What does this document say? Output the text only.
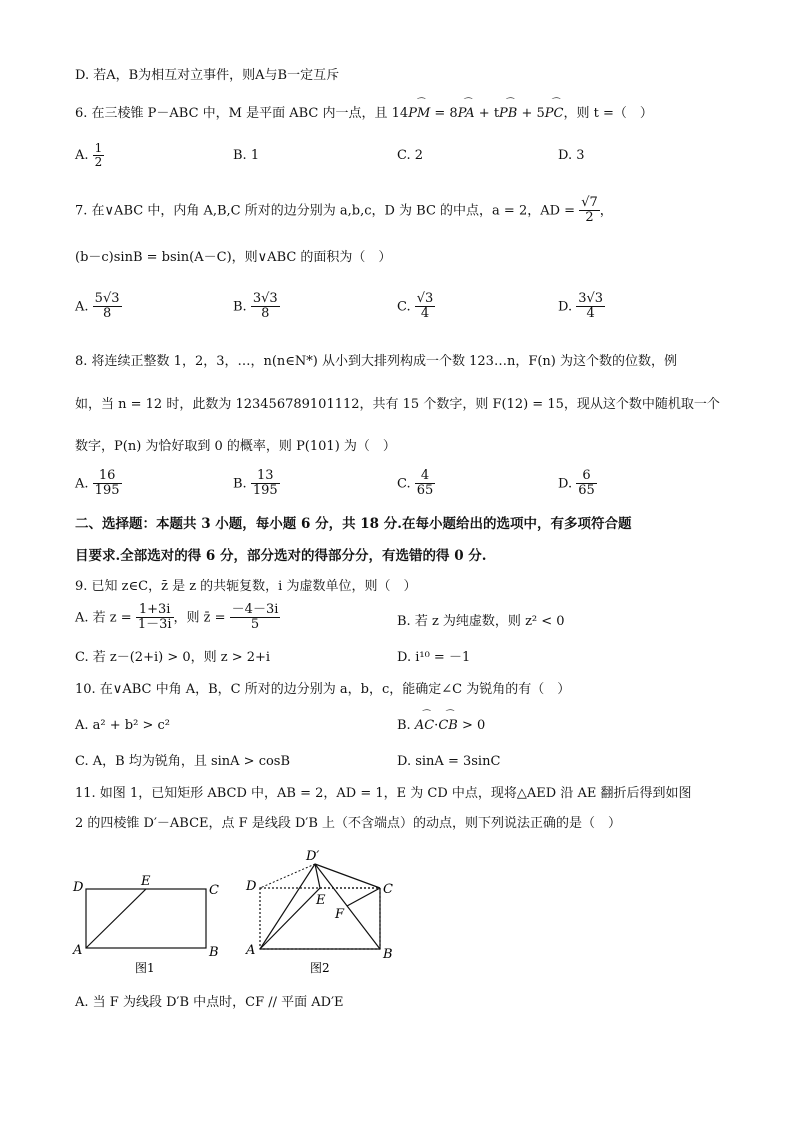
D. 若A，B为相互对立事件，则A与B一定互斥
6. 在三棱锥 P－ABC 中，M 是平面 ABC 内一点，且 14⌒ PM = 8⌒ PA + t⌒ PB + 5⌒ PC，则 t =（　）
A. $\frac{1}{2}$	B. 1	C. 2	D. 3
7. 在∨ABC 中，内角 A,B,C 所对的边分别为 a,b,c，D 为 BC 的中点，a = 2，AD = $\frac{√7}{2}$ ，
(b－c)sinB = bsin(A－C)，则∨ABC 的面积为（　）
A. $\frac{5√3}{8}$	B. $\frac{3√3}{8}$	C. $\frac{√3}{4}$	D. $\frac{3√3}{4}$
8. 将连续正整数 1，2，3，…，n(n∈N*) 从小到大排列构成一个数 123…n，F(n) 为这个数的位数，例
如，当 n = 12 时，此数为 123456789101112，共有 15 个数字，则 F(12) = 15，现从这个数中随机取一个
数字，P(n) 为恰好取到 0 的概率，则 P(101) 为（　）
A. $\frac{16}{195}$	B. $\frac{13}{195}$	C. $\frac{4}{65}$	D. $\frac{6}{65}$
二、选择题：本题共 3 小题，每小题 6 分，共 18 分.在每小题给出的选项中，有多项符合题
目要求.全部选对的得 6 分，部分选对的得部分分，有选错的得 0 分.
9. 已知 z∈C，z̄ 是 z 的共轭复数，i 为虚数单位，则（　）
A. 若 $z = \frac{1+3i}{1-3i}$ ，则 z̄ = $\frac{-4-3i}{5}$	B. 若 z 为纯虚数，则 z² < 0
C. 若 z－(2+i) > 0，则 z > 2+i	D. i¹⁰ = －1
10. 在∨ABC 中角 A，B，C 所对的边分别为 a，b，c，能确定∠C 为锐角的有（　）
A. a² + b² > c²	B. ⌒ AC·⌒ CB > 0
C. A，B 均为锐角，且 sinA > cosB	D. sinA = 3sinC
11. 如图 1，已知矩形 ABCD 中，AB = 2，AD = 1，E 为 CD 中点，现将△AED 沿 AE 翻折后得到如图
2 的四棱锥 D′－ABCE，点 F 是线段 D′B 上（不含端点）的动点，则下列说法正确的是（　）
D	E
C
A	B
图1
D′
D
E
C
F
A	B
图2
A. 当 F 为线段 D′B 中点时，CF // 平面 AD′E
